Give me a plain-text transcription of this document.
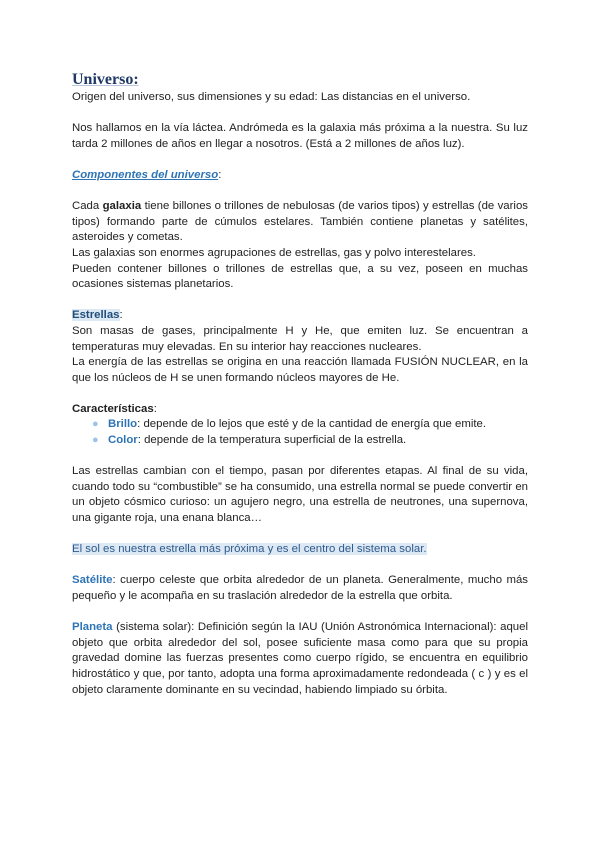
Universo:

Origen del universo, sus dimensiones y su edad: Las distancias en el universo.

Nos hallamos en la vía láctea. Andrómeda es la galaxia más próxima a la nuestra. Su luz tarda 2 millones de años en llegar a nosotros. (Está a 2 millones de años luz).

Componentes del universo:

Cada galaxia tiene billones o trillones de nebulosas (de varios tipos) y estrellas (de varios tipos) formando parte de cúmulos estelares. También contiene planetas y satélites, asteroides y cometas.

Las galaxias son enormes agrupaciones de estrellas, gas y polvo interestelares.

Pueden contener billones o trillones de estrellas que, a su vez, poseen en muchas ocasiones sistemas planetarios.

Estrellas:

Son masas de gases, principalmente H y He, que emiten luz. Se encuentran a temperaturas muy elevadas. En su interior hay reacciones nucleares.

La energía de las estrellas se origina en una reacción llamada FUSIÓN NUCLEAR, en la que los núcleos de H se unen formando núcleos mayores de He.

Características:

● Brillo: depende de lo lejos que esté y de la cantidad de energía que emite.
● Color: depende de la temperatura superficial de la estrella.

Las estrellas cambian con el tiempo, pasan por diferentes etapas. Al final de su vida, cuando todo su “combustible” se ha consumido, una estrella normal se puede convertir en un objeto cósmico curioso: un agujero negro, una estrella de neutrones, una supernova, una gigante roja, una enana blanca…

El sol es nuestra estrella más próxima y es el centro del sistema solar.

Satélite: cuerpo celeste que orbita alrededor de un planeta. Generalmente, mucho más pequeño y le acompaña en su traslación alrededor de la estrella que orbita.

Planeta (sistema solar): Definición según la IAU (Unión Astronómica Internacional): aquel objeto que orbita alrededor del sol, posee suficiente masa como para que su propia gravedad domine las fuerzas presentes como cuerpo rígido, se encuentra en equilibrio hidrostático y que, por tanto, adopta una forma aproximadamente redondeada ( c ) y es el objeto claramente dominante en su vecindad, habiendo limpiado su órbita.
